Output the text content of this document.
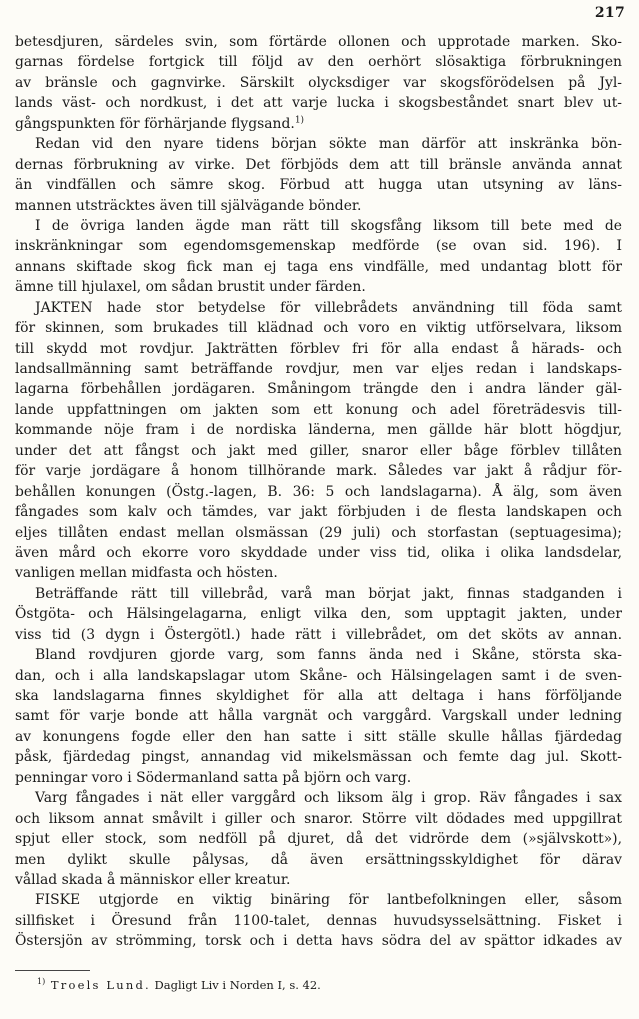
217
betesdjuren, särdeles svin, som förtärde ollonen och upprotade marken. Sko-
garnas fördelse fortgick till följd av den oerhört slösaktiga förbrukningen
av bränsle och gagnvirke. Särskilt olycksdiger var skogsförödelsen på Jyl-
lands väst- och nordkust, i det att varje lucka i skogsbeståndet snart blev ut-
gångspunkten för förhärjande flygsand.$^{1)}$
Redan vid den nyare tidens början sökte man därför att inskränka bön-
dernas förbrukning av virke. Det förbjöds dem att till bränsle använda annat
än vindfällen och sämre skog. Förbud att hugga utan utsyning av läns-
mannen utsträcktes även till självägande bönder.
I de övriga landen ägde man rätt till skogsfång liksom till bete med de
inskränkningar som egendomsgemenskap medförde (se ovan sid. 196). I
annans skiftade skog fick man ej taga ens vindfälle, med undantag blott för
ämne till hjulaxel, om sådan brustit under färden.
JAKTEN hade stor betydelse för villebrådets användning till föda samt
för skinnen, som brukades till klädnad och voro en viktig utförselvara, liksom
till skydd mot rovdjur. Jakträtten förblev fri för alla endast å härads- och
landsallmänning samt beträffande rovdjur, men var eljes redan i landskaps-
lagarna förbehållen jordägaren. Småningom trängde den i andra länder gäl-
lande uppfattningen om jakten som ett konung och adel företrädesvis till-
kommande nöje fram i de nordiska länderna, men gällde här blott högdjur,
under det att fångst och jakt med giller, snaror eller båge förblev tillåten
för varje jordägare å honom tillhörande mark. Således var jakt å rådjur för-
behållen konungen (Östg.-lagen, B. 36: 5 och landslagarna). Å älg, som även
fångades som kalv och tämdes, var jakt förbjuden i de flesta landskapen och
eljes tillåten endast mellan olsmässan (29 juli) och storfastan (septuagesima);
även mård och ekorre voro skyddade under viss tid, olika i olika landsdelar,
vanligen mellan midfasta och hösten.
Beträffande rätt till villebråd, varå man börjat jakt, finnas stadganden i
Östgöta- och Hälsingelagarna, enligt vilka den, som upptagit jakten, under
viss tid (3 dygn i Östergötl.) hade rätt i villebrådet, om det sköts av annan.
Bland rovdjuren gjorde varg, som fanns ända ned i Skåne, största ska-
dan, och i alla landskapslagar utom Skåne- och Hälsingelagen samt i de sven-
ska landslagarna finnes skyldighet för alla att deltaga i hans förföljande
samt för varje bonde att hålla vargnät och varggård. Vargskall under ledning
av konungens fogde eller den han satte i sitt ställe skulle hållas fjärdedag
påsk, fjärdedag pingst, annandag vid mikelsmässan och femte dag jul. Skott-
penningar voro i Södermanland satta på björn och varg.
Varg fångades i nät eller varggård och liksom älg i grop. Räv fångades i sax
och liksom annat småvilt i giller och snaror. Större vilt dödades med uppgillrat
spjut eller stock, som nedföll på djuret, då det vidrörde dem (»självskott»),
men dylikt skulle pålysas, då även ersättningsskyldighet för därav
vållad skada å människor eller kreatur.
FISKE utgjorde en viktig binäring för lantbefolkningen eller, såsom
sillfisket i Öresund från 1100-talet, dennas huvudsysselsättning. Fisket i
Östersjön av strömming, torsk och i detta havs södra del av spättor idkades av
$^{1)}$ Troels Lund. Dagligt Liv i Norden I, s. 42.
